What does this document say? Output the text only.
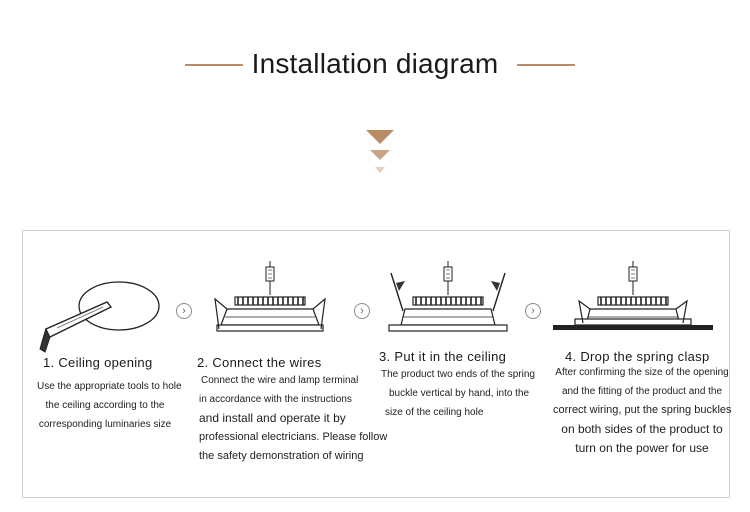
Installation diagram
›	›	›
1. Ceiling opening
Use the appropriate tools to hole
the ceiling according to the
corresponding luminaries size
2. Connect the wires
Connect the wire and lamp terminal
in accordance with the instructions
and install and operate it by
professional electricians. Please follow
the safety demonstration of wiring
3. Put it in the ceiling
The product two ends of the spring
buckle vertical by hand, into the
size of the ceiling hole
4. Drop the spring clasp
After confirming the size of the opening
and the fitting of the product and the
correct wiring, put the spring buckles
on both sides of the product to
turn on the power for use
